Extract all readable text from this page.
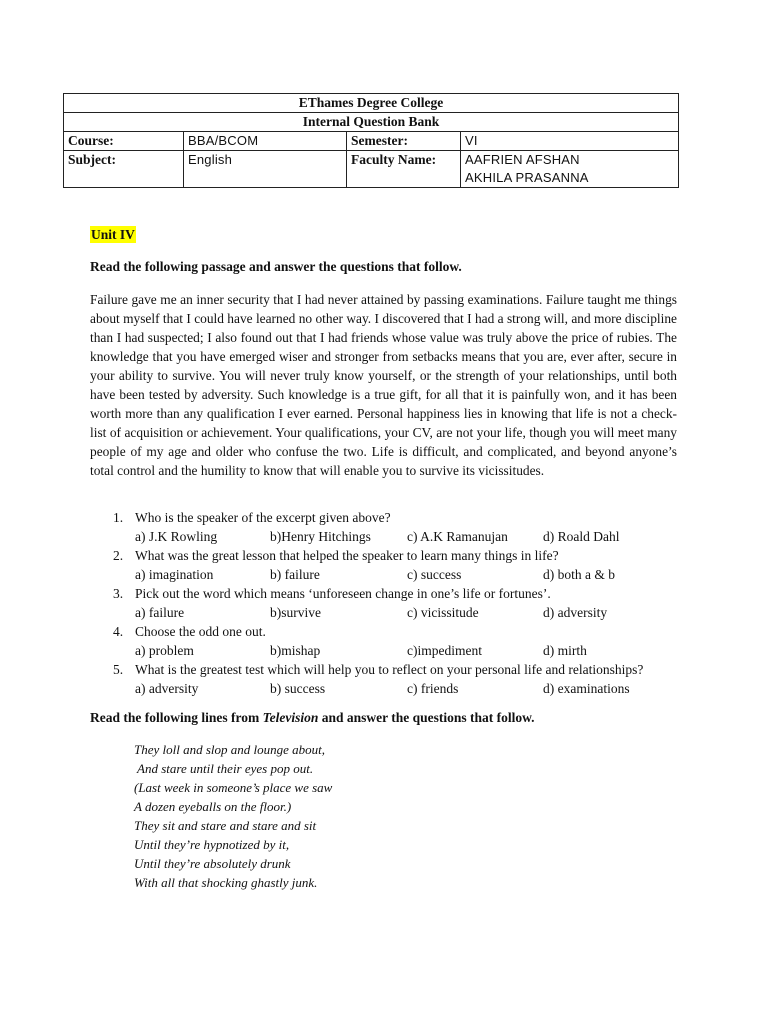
EThames Degree College			
Internal Question Bank			
Course:	BBA/BCOM	Semester:	VI
Subject:	English	Faculty Name:	AAFRIEN AFSHAN
AKHILA PRASANNA
Unit IV
Read the following passage and answer the questions that follow.
Failure gave me an inner security that I had never attained by passing examinations. Failure taught me things about myself that I could have learned no other way. I discovered that I had a strong will, and more discipline than I had suspected; I also found out that I had friends whose value was truly above the price of rubies. The knowledge that you have emerged wiser and stronger from setbacks means that you are, ever after, secure in your ability to survive. You will never truly know yourself, or the strength of your relationships, until both have been tested by adversity. Such knowledge is a true gift, for all that it is painfully won, and it has been worth more than any qualification I ever earned. Personal happiness lies in knowing that life is not a check-list of acquisition or achievement. Your qualifications, your CV, are not your life, though you will meet many people of my age and older who confuse the two. Life is difficult, and complicated, and beyond anyone’s total control and the humility to know that will enable you to survive its vicissitudes.
1. Who is the speaker of the excerpt given above?
a) J.K Rowling	b)Henry Hitchings	c) A.K Ramanujan	d) Roald Dahl
2. What was the great lesson that helped the speaker to learn many things in life?
a) imagination	b) failure	c) success	d) both a & b
3. Pick out the word which means ‘unforeseen change in one’s life or fortunes’.
a) failure	b)survive	c) vicissitude	d) adversity
4. Choose the odd one out.
a) problem	b)mishap	c)impediment	d) mirth
5. What is the greatest test which will help you to reflect on your personal life and relationships?
a) adversity	b) success	c) friends	d) examinations
Read the following lines from Television and answer the questions that follow.
They loll and slop and lounge about,
And stare until their eyes pop out.
(Last week in someone’s place we saw
A dozen eyeballs on the floor.)
They sit and stare and stare and sit
Until they’re hypnotized by it,
Until they’re absolutely drunk
With all that shocking ghastly junk.
